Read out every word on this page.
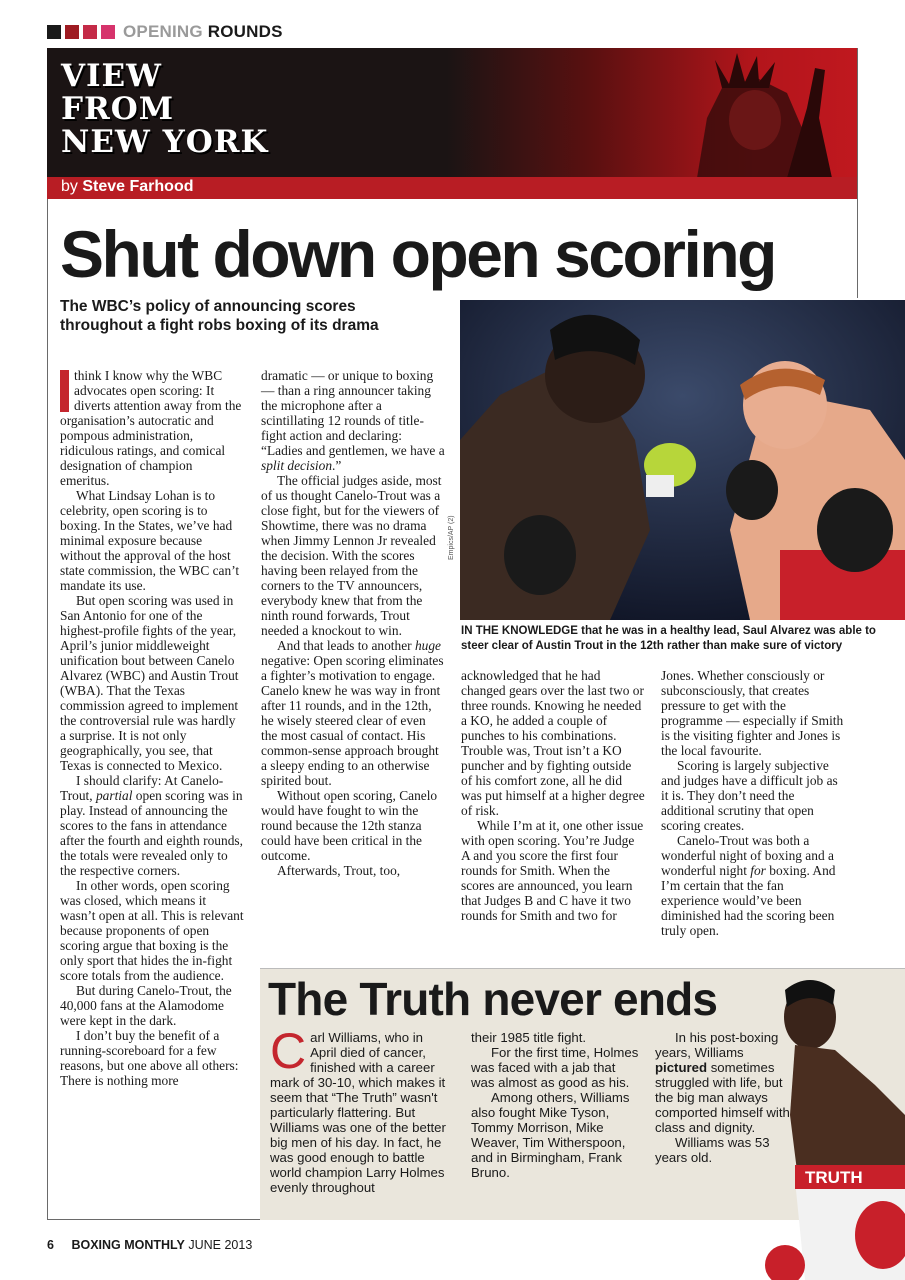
OPENING ROUNDS
VIEW
FROM
NEW YORK
by Steve Farhood
Shut down open scoring
The WBC’s policy of announcing scores throughout a fight robs boxing of its drama
Empics/AP (2)
IN THE KNOWLEDGE that he was in a healthy lead, Saul Alvarez was able to steer clear of Austin Trout in the 12th rather than make sure of victory

think I know why the WBC advocates open scoring: It diverts attention away from the organisation’s autocratic and pompous administration, ridiculous ratings, and comical designation of champion emeritus.

What Lindsay Lohan is to celebrity, open scoring is to boxing. In the States, we’ve had minimal exposure because without the approval of the host state commission, the WBC can’t mandate its use.

But open scoring was used in San Antonio for one of the highest-profile fights of the year, April’s junior middleweight unification bout between Canelo Alvarez (WBC) and Austin Trout (WBA). That the Texas commission agreed to implement the controversial rule was hardly a surprise. It is not only geographically, you see, that Texas is connected to Mexico.

I should clarify: At Canelo-Trout, partial open scoring was in play. Instead of announcing the scores to the fans in attendance after the fourth and eighth rounds, the totals were revealed only to the respective corners.

In other words, open scoring was closed, which means it wasn’t open at all. This is relevant because proponents of open scoring argue that boxing is the only sport that hides the in-fight score totals from the audience.

But during Canelo-Trout, the 40,000 fans at the Alamodome were kept in the dark.

I don’t buy the benefit of a running-scoreboard for a few reasons, but one above all others: There is nothing more

dramatic — or unique to boxing — than a ring announcer taking the microphone after a scintillating 12 rounds of title-fight action and declaring: “Ladies and gentlemen, we have a split decision.”

The official judges aside, most of us thought Canelo-Trout was a close fight, but for the viewers of Showtime, there was no drama when Jimmy Lennon Jr revealed the decision. With the scores having been relayed from the corners to the TV announcers, everybody knew that from the ninth round forwards, Trout needed a knockout to win.

And that leads to another huge negative: Open scoring eliminates a fighter’s motivation to engage. Canelo knew he was way in front after 11 rounds, and in the 12th, he wisely steered clear of even the most casual of contact. His common-sense approach brought a sleepy ending to an otherwise spirited bout.

Without open scoring, Canelo would have fought to win the round because the 12th stanza could have been critical in the outcome.

Afterwards, Trout, too,

acknowledged that he had changed gears over the last two or three rounds. Knowing he needed a KO, he added a couple of punches to his combinations. Trouble was, Trout isn’t a KO puncher and by fighting outside of his comfort zone, all he did was put himself at a higher degree of risk.

While I’m at it, one other issue with open scoring. You’re Judge A and you score the first four rounds for Smith. When the scores are announced, you learn that Judges B and C have it two rounds for Smith and two for

Jones. Whether consciously or subconsciously, that creates pressure to get with the programme — especially if Smith is the visiting fighter and Jones is the local favourite.

Scoring is largely subjective and judges have a difficult job as it is. They don’t need the additional scrutiny that open scoring creates.

Canelo-Trout was both a wonderful night of boxing and a wonderful night for boxing. And I’m certain that the fan experience would’ve been diminished had the scoring been truly open.

The Truth never ends

Carl Williams, who in April died of cancer, finished with a career mark of 30-10, which makes it seem that “The Truth” wasn't particularly flattering. But Williams was one of the better big men of his day. In fact, he was good enough to battle world champion Larry Holmes evenly throughout

their 1985 title fight.

For the first time, Holmes was faced with a jab that was almost as good as his.

Among others, Williams also fought Mike Tyson, Tommy Morrison, Mike Weaver, Tim Witherspoon, and in Birmingham, Frank Bruno.

In his post-boxing years, Williams pictured sometimes struggled with life, but the big man always comported himself with class and dignity.

Williams was 53 years old.

TRUTH
6 BOXING MONTHLY JUNE 2013
